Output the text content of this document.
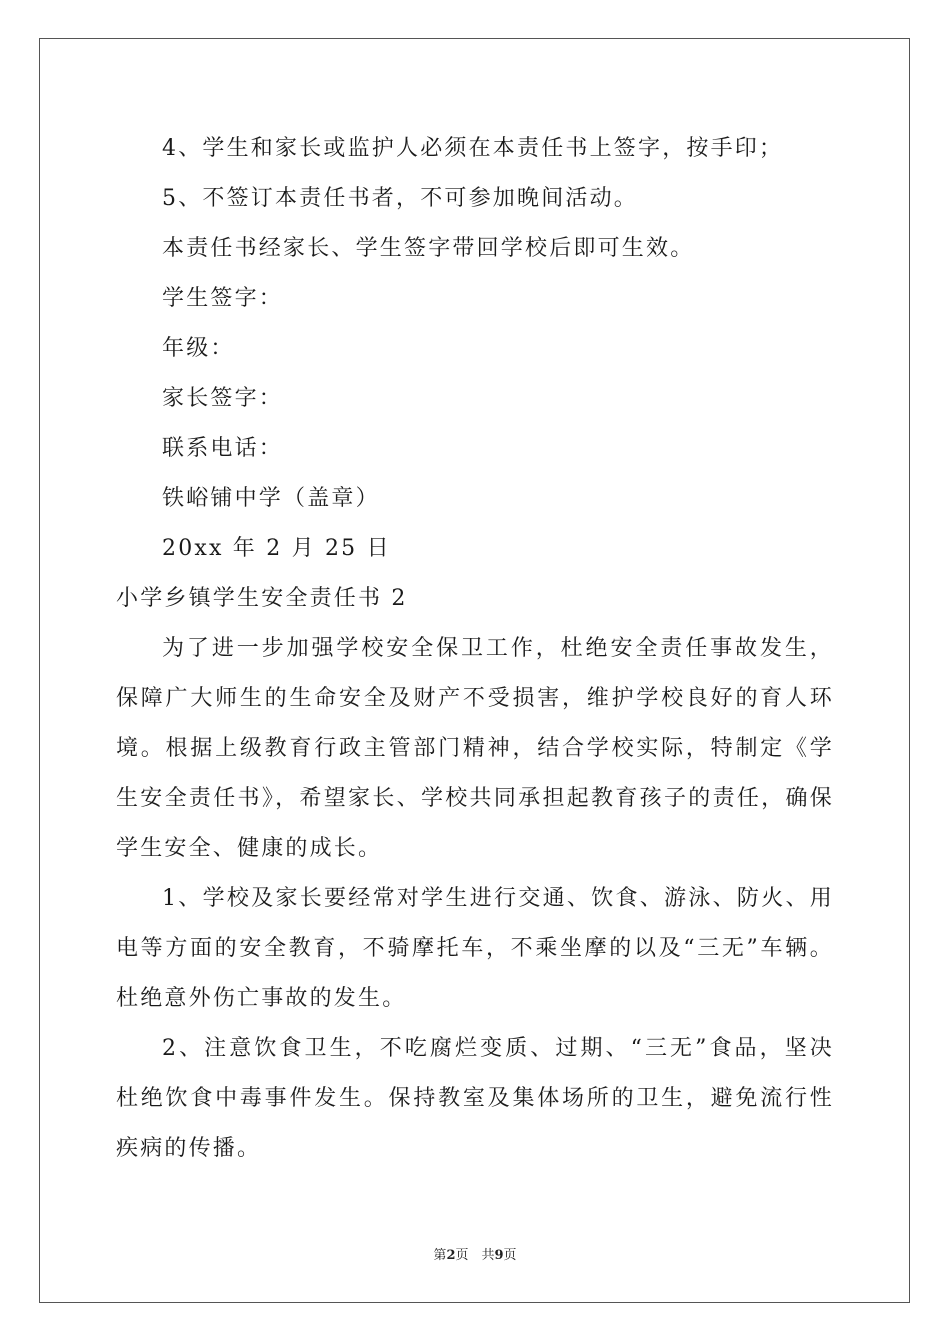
4、学生和家长或监护人必须在本责任书上签字，按手印；
5、不签订本责任书者，不可参加晚间活动。
本责任书经家长、学生签字带回学校后即可生效。
学生签字：
年级：
家长签字：
联系电话：
铁峪铺中学（盖章）
20xx 年 2 月 25 日
小学乡镇学生安全责任书 2

为了进一步加强学校安全保卫工作，杜绝安全责任事故发生，保障广大师生的生命安全及财产不受损害，维护学校良好的育人环境。根据上级教育行政主管部门精神，结合学校实际，特制定《学生安全责任书》，希望家长、学校共同承担起教育孩子的责任，确保学生安全、健康的成长。

1、学校及家长要经常对学生进行交通、饮食、游泳、防火、用电等方面的安全教育，不骑摩托车，不乘坐摩的以及“三无”车辆。杜绝意外伤亡事故的发生。

2、注意饮食卫生，不吃腐烂变质、过期、“三无”食品，坚决杜绝饮食中毒事件发生。保持教室及集体场所的卫生，避免流行性疾病的传播。

第2页　共9页
